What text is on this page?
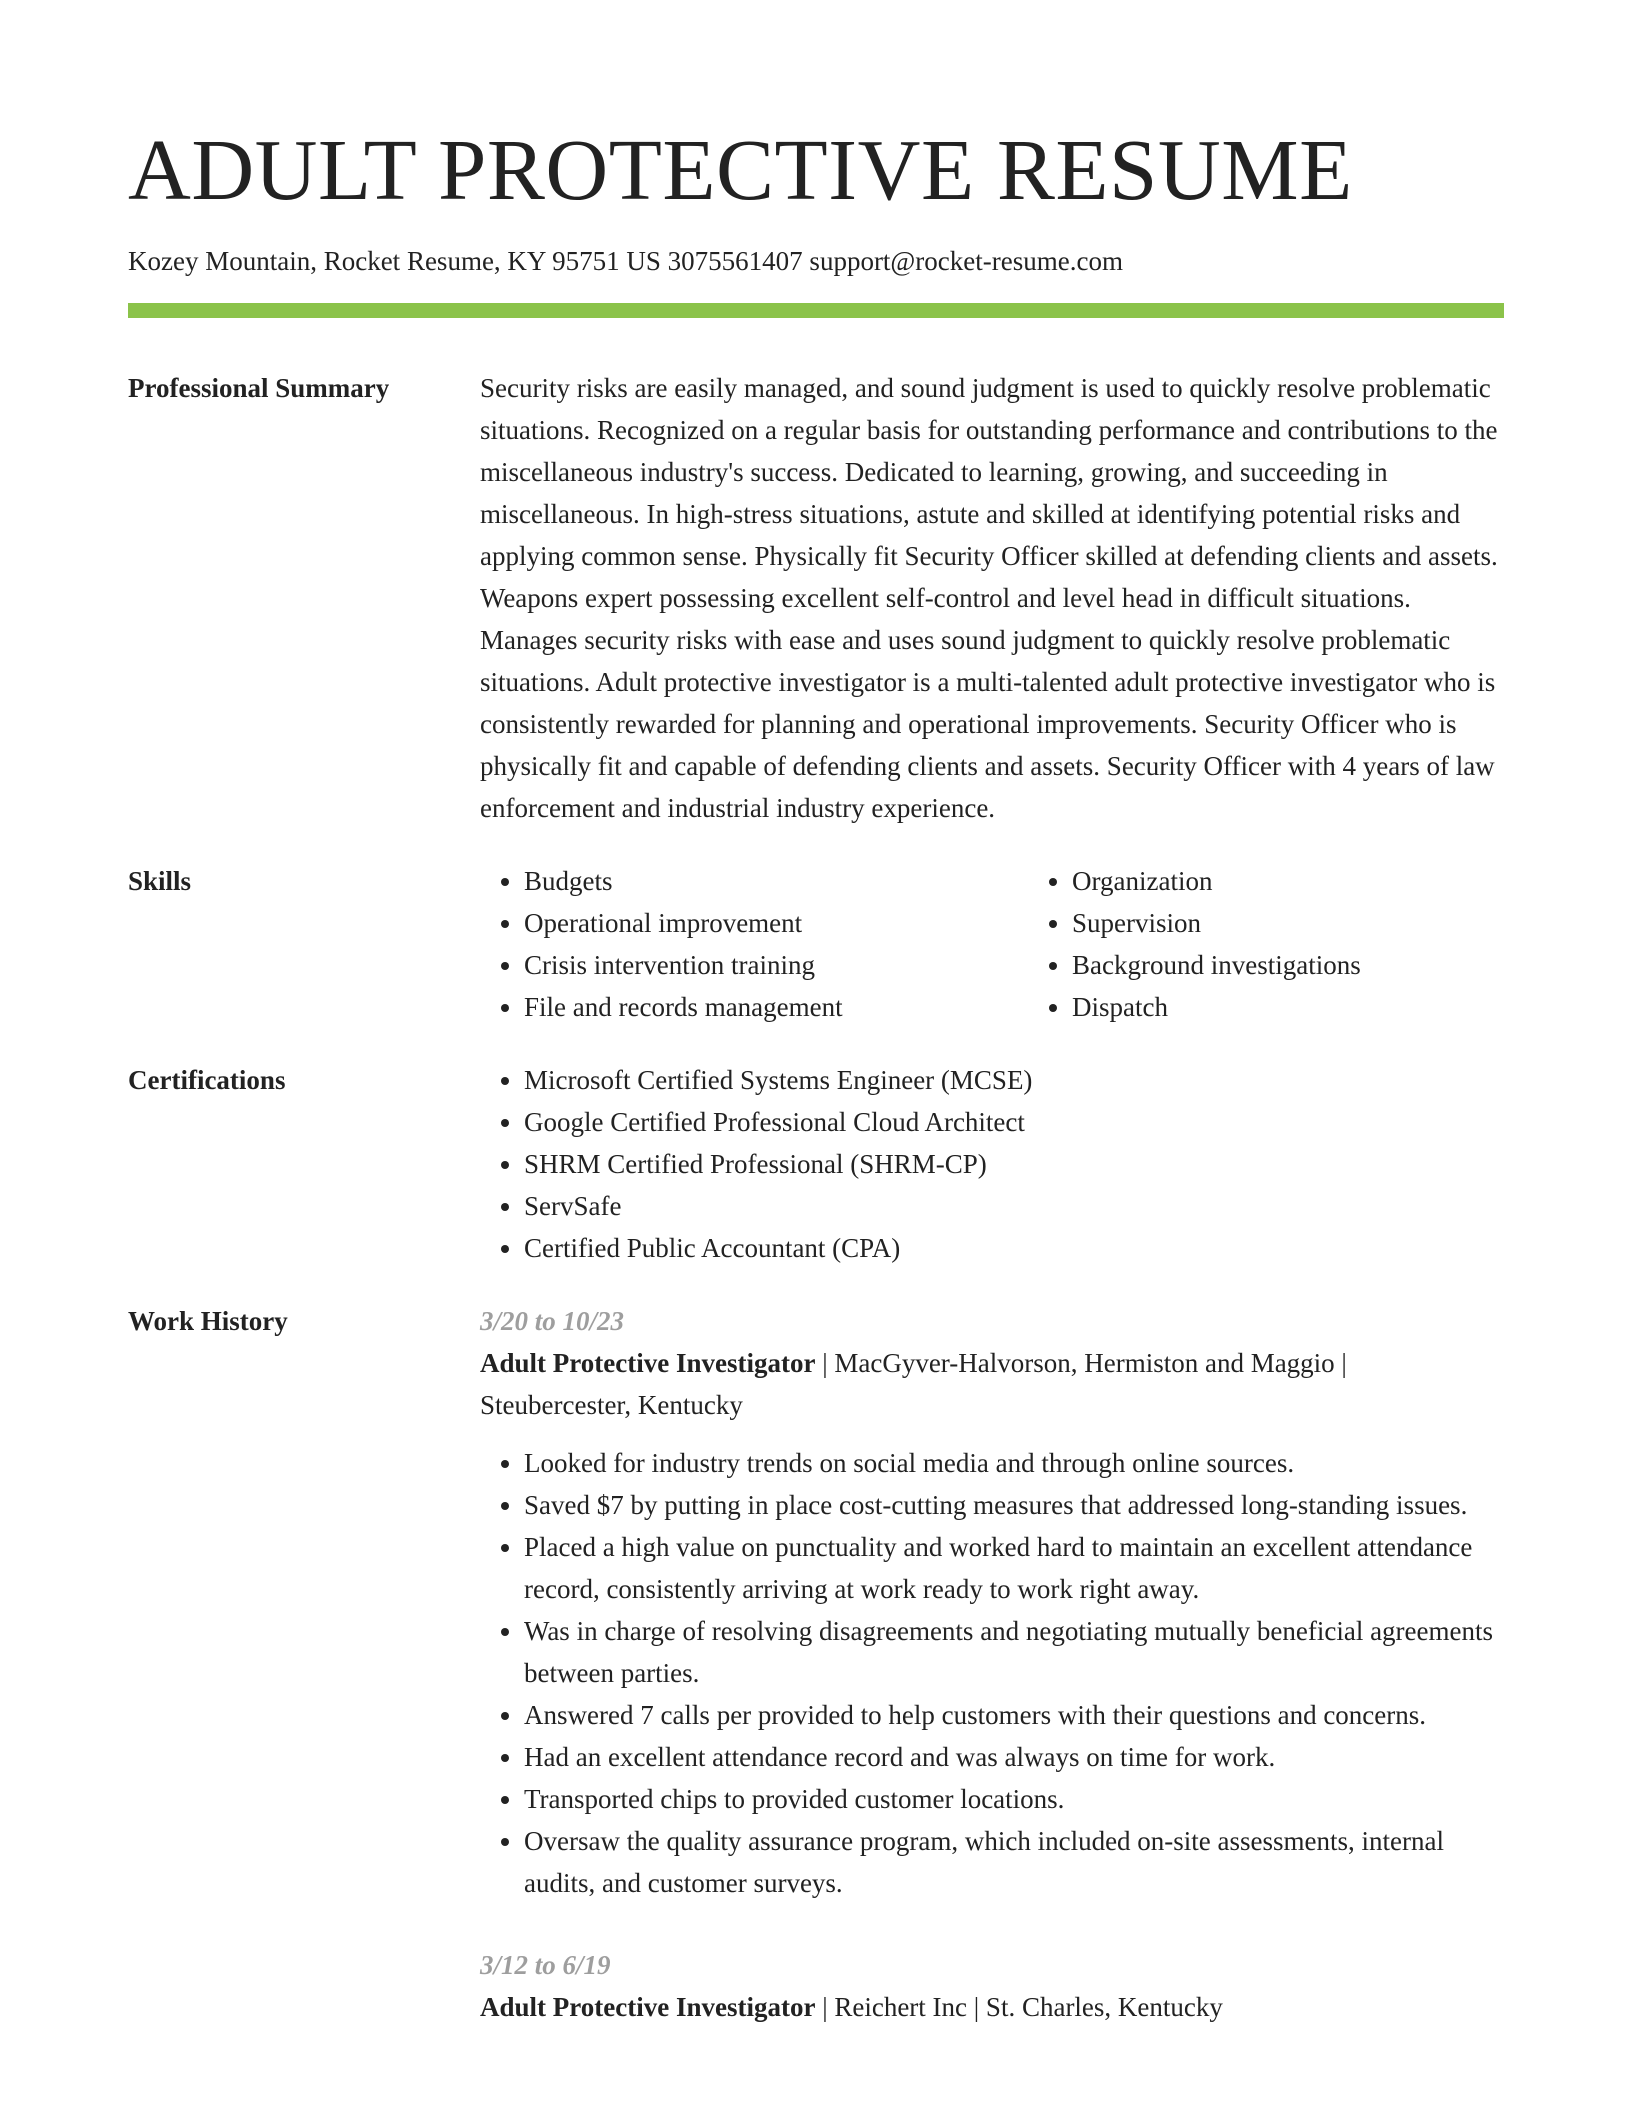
ADULT PROTECTIVE RESUME
Kozey Mountain, Rocket Resume, KY 95751 US 3075561407 support@rocket-resume.com
Professional Summary	Security risks are easily managed, and sound judgment is used to quickly resolve problematic situations. Recognized on a regular basis for outstanding performance and contributions to the miscellaneous industry's success. Dedicated to learning, growing, and succeeding in miscellaneous. In high-stress situations, astute and skilled at identifying potential risks and applying common sense. Physically fit Security Officer skilled at defending clients and assets. Weapons expert possessing excellent self-control and level head in difficult situations. Manages security risks with ease and uses sound judgment to quickly resolve problematic situations. Adult protective investigator is a multi-talented adult protective investigator who is consistently rewarded for planning and operational improvements. Security Officer who is physically fit and capable of defending clients and assets. Security Officer with 4 years of law enforcement and industrial industry experience.

Skills	• Budgets
• Operational improvement
• Crisis intervention training
• File and records management
• Organization
• Supervision
• Background investigations
• Dispatch
Certifications	• Microsoft Certified Systems Engineer (MCSE)
• Google Certified Professional Cloud Architect
• SHRM Certified Professional (SHRM-CP)
• ServSafe
• Certified Public Accountant (CPA)
Work History	3/20 to 10/23
Adult Protective Investigator | MacGyver-Halvorson, Hermiston and Maggio | Steubercester, Kentucky
• Looked for industry trends on social media and through online sources.
• Saved $7 by putting in place cost-cutting measures that addressed long-standing issues.
• Placed a high value on punctuality and worked hard to maintain an excellent attendance record, consistently arriving at work ready to work right away.
• Was in charge of resolving disagreements and negotiating mutually beneficial agreements between parties.
• Answered 7 calls per provided to help customers with their questions and concerns.
• Had an excellent attendance record and was always on time for work.
• Transported chips to provided customer locations.
• Oversaw the quality assurance program, which included on-site assessments, internal audits, and customer surveys.
3/12 to 6/19
Adult Protective Investigator | Reichert Inc | St. Charles, Kentucky
